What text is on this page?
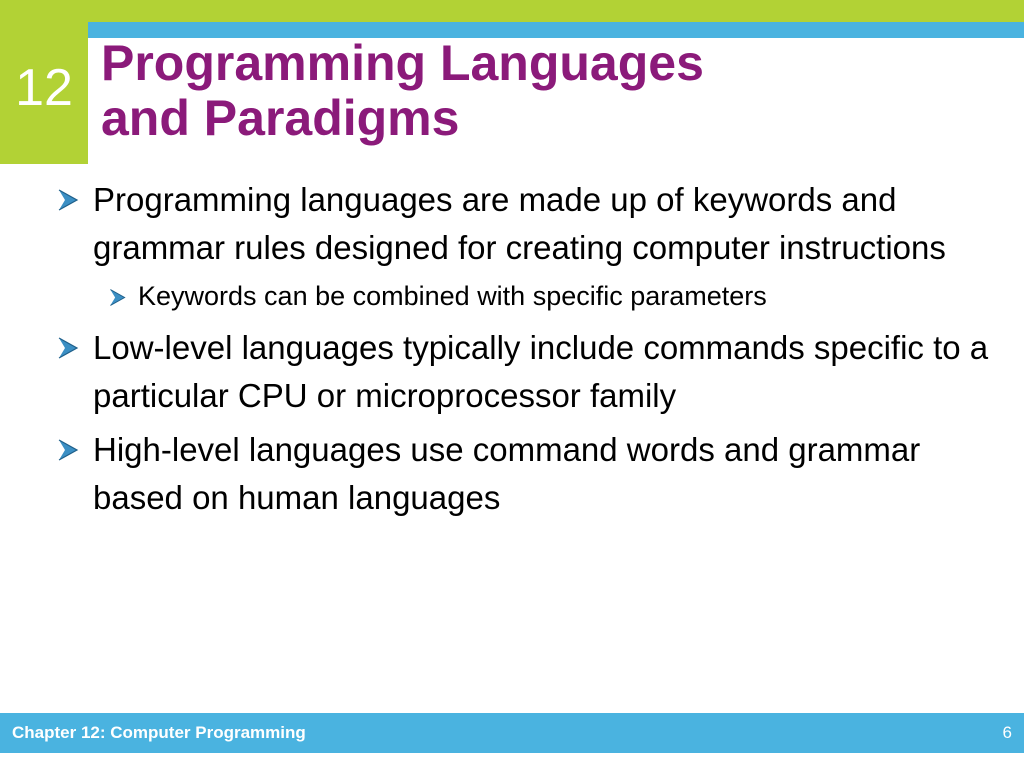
12 Programming Languages
and Paradigms
Programming languages are made up of keywords and grammar rules designed for creating computer instructions
Keywords can be combined with specific parameters
Low-level languages typically include commands specific to a particular CPU or microprocessor family
High-level languages use command words and grammar based on human languages
Chapter 12: Computer Programming	6
